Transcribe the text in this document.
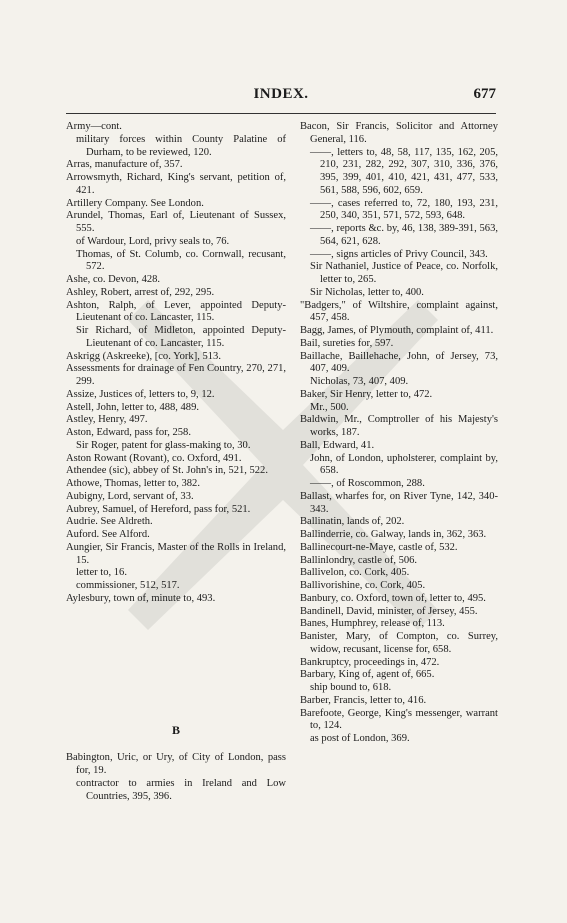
INDEX.	677
Army—cont.
military forces within County Palatine of Durham, to be reviewed, 120.
Arras, manufacture of, 357.
Arrowsmyth, Richard, King's servant, petition of, 421.
Artillery Company. See London.
Arundel, Thomas, Earl of, Lieutenant of Sussex, 555.
of Wardour, Lord, privy seals to, 76.
Thomas, of St. Columb, co. Cornwall, recusant, 572.
Ashe, co. Devon, 428.
Ashley, Robert, arrest of, 292, 295.
Ashton, Ralph, of Lever, appointed Deputy-Lieutenant of co. Lancaster, 115.
Sir Richard, of Midleton, appointed Deputy-Lieutenant of co. Lancaster, 115.
Askrigg (Askreeke), [co. York], 513.
Assessments for drainage of Fen Country, 270, 271, 299.
Assize, Justices of, letters to, 9, 12.
Astell, John, letter to, 488, 489.
Astley, Henry, 497.
Aston, Edward, pass for, 258.
Sir Roger, patent for glass-making to, 30.
Aston Rowant (Rovant), co. Oxford, 491.
Athendee (sic), abbey of St. John's in, 521, 522.
Athowe, Thomas, letter to, 382.
Aubigny, Lord, servant of, 33.
Aubrey, Samuel, of Hereford, pass for, 521.
Audrie. See Aldreth.
Auford. See Alford.
Aungier, Sir Francis, Master of the Rolls in Ireland, 15.
letter to, 16.
commissioner, 512, 517.
Aylesbury, town of, minute to, 493.
B
Babington, Uric, or Ury, of City of London, pass for, 19.
contractor to armies in Ireland and Low Countries, 395, 396.
Bacon, Sir Francis, Solicitor and Attorney General, 116.
——, letters to, 48, 58, 117, 135, 162, 205, 210, 231, 282, 292, 307, 310, 336, 376, 395, 399, 401, 410, 421, 431, 477, 533, 561, 588, 596, 602, 659.
——, cases referred to, 72, 180, 193, 231, 250, 340, 351, 571, 572, 593, 648.
——, reports &c. by, 46, 138, 389-391, 563, 564, 621, 628.
——, signs articles of Privy Council, 343.
Sir Nathaniel, Justice of Peace, co. Norfolk, letter to, 265.
Sir Nicholas, letter to, 400.
"Badgers," of Wiltshire, complaint against, 457, 458.
Bagg, James, of Plymouth, complaint of, 411.
Bail, sureties for, 597.
Baillache, Baillehache, John, of Jersey, 73, 407, 409.
Nicholas, 73, 407, 409.
Baker, Sir Henry, letter to, 472.
Mr., 500.
Baldwin, Mr., Comptroller of his Majesty's works, 187.
Ball, Edward, 41.
John, of London, upholsterer, complaint by, 658.
——, of Roscommon, 288.
Ballast, wharfes for, on River Tyne, 142, 340-343.
Ballinatin, lands of, 202.
Ballinderrie, co. Galway, lands in, 362, 363.
Ballinecourt-ne-Maye, castle of, 532.
Ballinlondry, castle of, 506.
Ballivelon, co. Cork, 405.
Ballivorishine, co. Cork, 405.
Banbury, co. Oxford, town of, letter to, 495.
Bandinell, David, minister, of Jersey, 455.
Banes, Humphrey, release of, 113.
Banister, Mary, of Compton, co. Surrey, widow, recusant, license for, 658.
Bankruptcy, proceedings in, 472.
Barbary, King of, agent of, 665.
ship bound to, 618.
Barber, Francis, letter to, 416.
Barefoote, George, King's messenger, warrant to, 124.
as post of London, 369.
